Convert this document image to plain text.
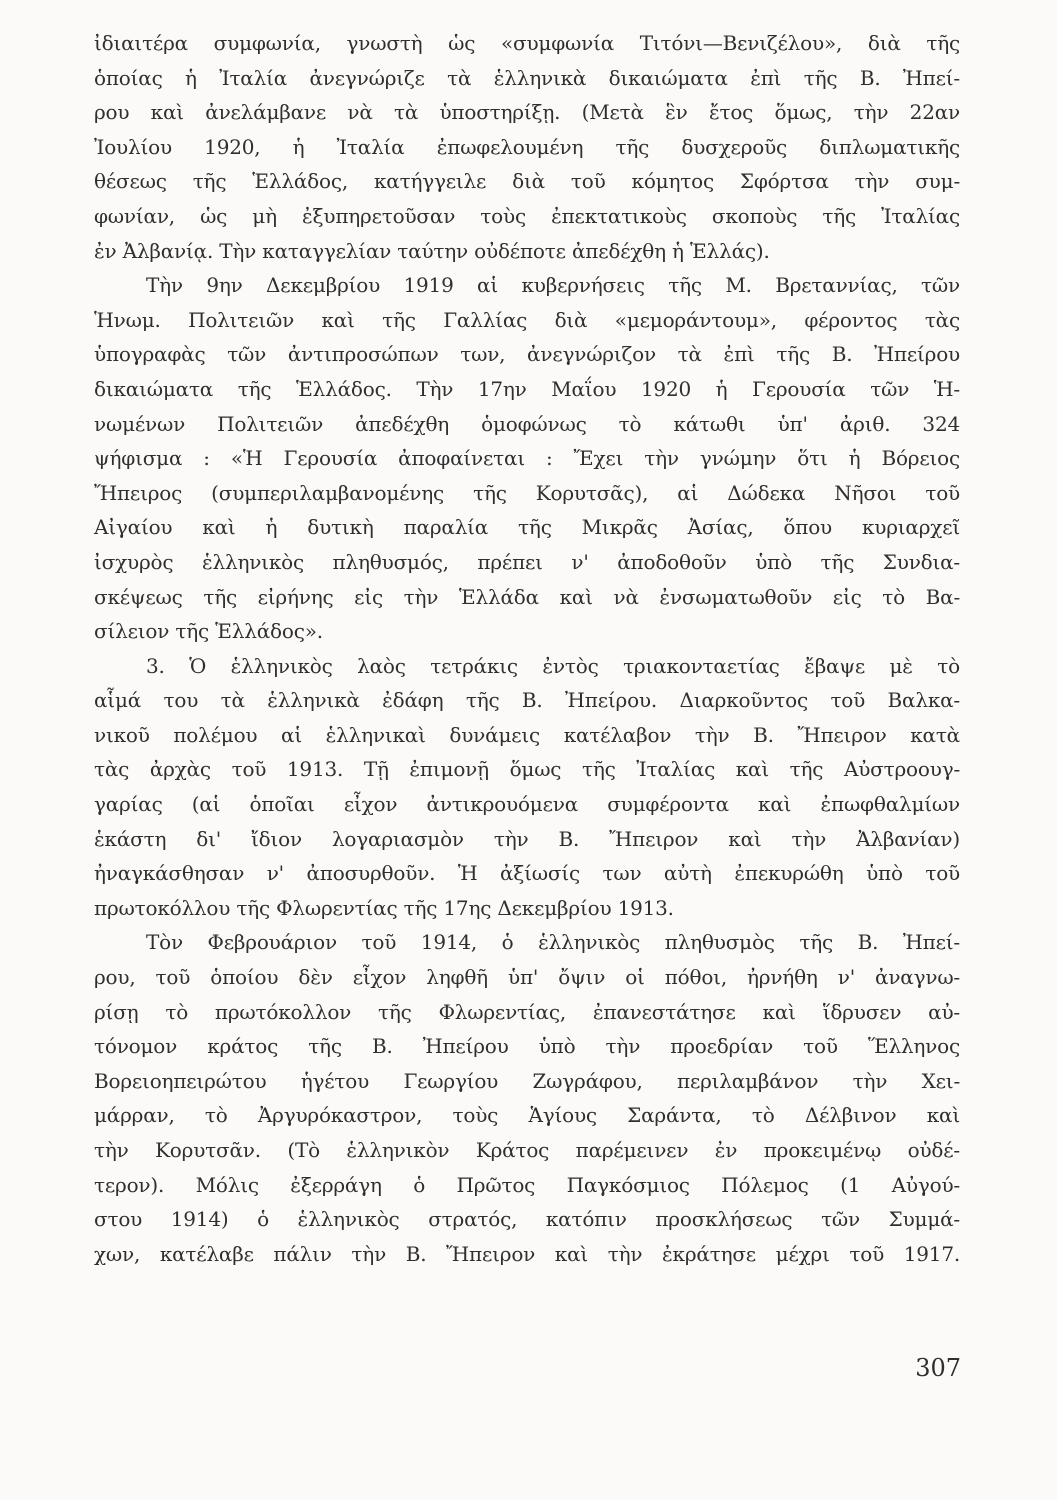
ἰδιαιτέρα συμφωνία, γνωστὴ ὡς «συμφωνία Τιτόνι—Βενιζέλου», διὰ τῆς
ὁποίας ἡ Ἰταλία ἀνεγνώριζε τὰ ἑλληνικὰ δικαιώματα ἐπὶ τῆς Β. Ἠπεί-
ρου καὶ ἀνελάμβανε νὰ τὰ ὑποστηρίξῃ. (Μετὰ ἓν ἔτος ὅμως, τὴν 22αν
Ἰουλίου 1920, ἡ Ἰταλία ἐπωφελουμένη τῆς δυσχεροῦς διπλωματικῆς
θέσεως τῆς Ἑλλάδος, κατήγγειλε διὰ τοῦ κόμητος Σφόρτσα τὴν συμ-
φωνίαν, ὡς μὴ ἐξυπηρετοῦσαν τοὺς ἐπεκτατικοὺς σκοποὺς τῆς Ἰταλίας
ἐν Ἀλβανίᾳ. Τὴν καταγγελίαν ταύτην οὐδέποτε ἀπεδέχθη ἡ Ἑλλάς).
Τὴν 9ην Δεκεμβρίου 1919 αἱ κυβερνήσεις τῆς Μ. Βρεταννίας, τῶν
Ἡνωμ. Πολιτειῶν καὶ τῆς Γαλλίας διὰ «μεμοράντουμ», φέροντος τὰς
ὑπογραφὰς τῶν ἀντιπροσώπων των, ἀνεγνώριζον τὰ ἐπὶ τῆς Β. Ἠπείρου
δικαιώματα τῆς Ἑλλάδος. Τὴν 17ην Μαΐου 1920 ἡ Γερουσία τῶν Ἡ-
νωμένων Πολιτειῶν ἀπεδέχθη ὁμοφώνως τὸ κάτωθι ὑπ' ἀριθ. 324
ψήφισμα : «Ἡ Γερουσία ἀποφαίνεται : Ἔχει τὴν γνώμην ὅτι ἡ Βόρειος
Ἤπειρος (συμπεριλαμβανομένης τῆς Κορυτσᾶς), αἱ Δώδεκα Νῆσοι τοῦ
Αἰγαίου καὶ ἡ δυτικὴ παραλία τῆς Μικρᾶς Ἀσίας, ὅπου κυριαρχεῖ
ἰσχυρὸς ἑλληνικὸς πληθυσμός, πρέπει ν' ἀποδοθοῦν ὑπὸ τῆς Συνδια-
σκέψεως τῆς εἰρήνης εἰς τὴν Ἑλλάδα καὶ νὰ ἐνσωματωθοῦν εἰς τὸ Βα-
σίλειον τῆς Ἑλλάδος».
3. Ὁ ἑλληνικὸς λαὸς τετράκις ἐντὸς τριακονταετίας ἔβαψε μὲ τὸ
αἷμά του τὰ ἑλληνικὰ ἐδάφη τῆς Β. Ἠπείρου. Διαρκοῦντος τοῦ Βαλκα-
νικοῦ πολέμου αἱ ἑλληνικαὶ δυνάμεις κατέλαβον τὴν Β. Ἤπειρον κατὰ
τὰς ἀρχὰς τοῦ 1913. Τῇ ἐπιμονῇ ὅμως τῆς Ἰταλίας καὶ τῆς Αὐστροουγ-
γαρίας (αἱ ὁποῖαι εἶχον ἀντικρουόμενα συμφέροντα καὶ ἐπωφθαλμίων
ἑκάστη δι' ἴδιον λογαριασμὸν τὴν Β. Ἤπειρον καὶ τὴν Ἀλβανίαν)
ἠναγκάσθησαν ν' ἀποσυρθοῦν. Ἡ ἀξίωσίς των αὐτὴ ἐπεκυρώθη ὑπὸ τοῦ
πρωτοκόλλου τῆς Φλωρεντίας τῆς 17ης Δεκεμβρίου 1913.
Τὸν Φεβρουάριον τοῦ 1914, ὁ ἑλληνικὸς πληθυσμὸς τῆς Β. Ἠπεί-
ρου, τοῦ ὁποίου δὲν εἶχον ληφθῆ ὑπ' ὄψιν οἱ πόθοι, ἠρνήθη ν' ἀναγνω-
ρίσῃ τὸ πρωτόκολλον τῆς Φλωρεντίας, ἐπανεστάτησε καὶ ἵδρυσεν αὐ-
τόνομον κράτος τῆς Β. Ἠπείρου ὑπὸ τὴν προεδρίαν τοῦ Ἕλληνος
Βορειοηπειρώτου ἡγέτου Γεωργίου Ζωγράφου, περιλαμβάνον τὴν Χει-
μάρραν, τὸ Ἀργυρόκαστρον, τοὺς Ἁγίους Σαράντα, τὸ Δέλβινον καὶ
τὴν Κορυτσᾶν. (Τὸ ἑλληνικὸν Κράτος παρέμεινεν ἐν προκειμένῳ οὐδέ-
τερον). Μόλις ἐξερράγη ὁ Πρῶτος Παγκόσμιος Πόλεμος (1 Αὐγού-
στου 1914) ὁ ἑλληνικὸς στρατός, κατόπιν προσκλήσεως τῶν Συμμά-
χων, κατέλαβε πάλιν τὴν Β. Ἤπειρον καὶ τὴν ἐκράτησε μέχρι τοῦ 1917.
307
